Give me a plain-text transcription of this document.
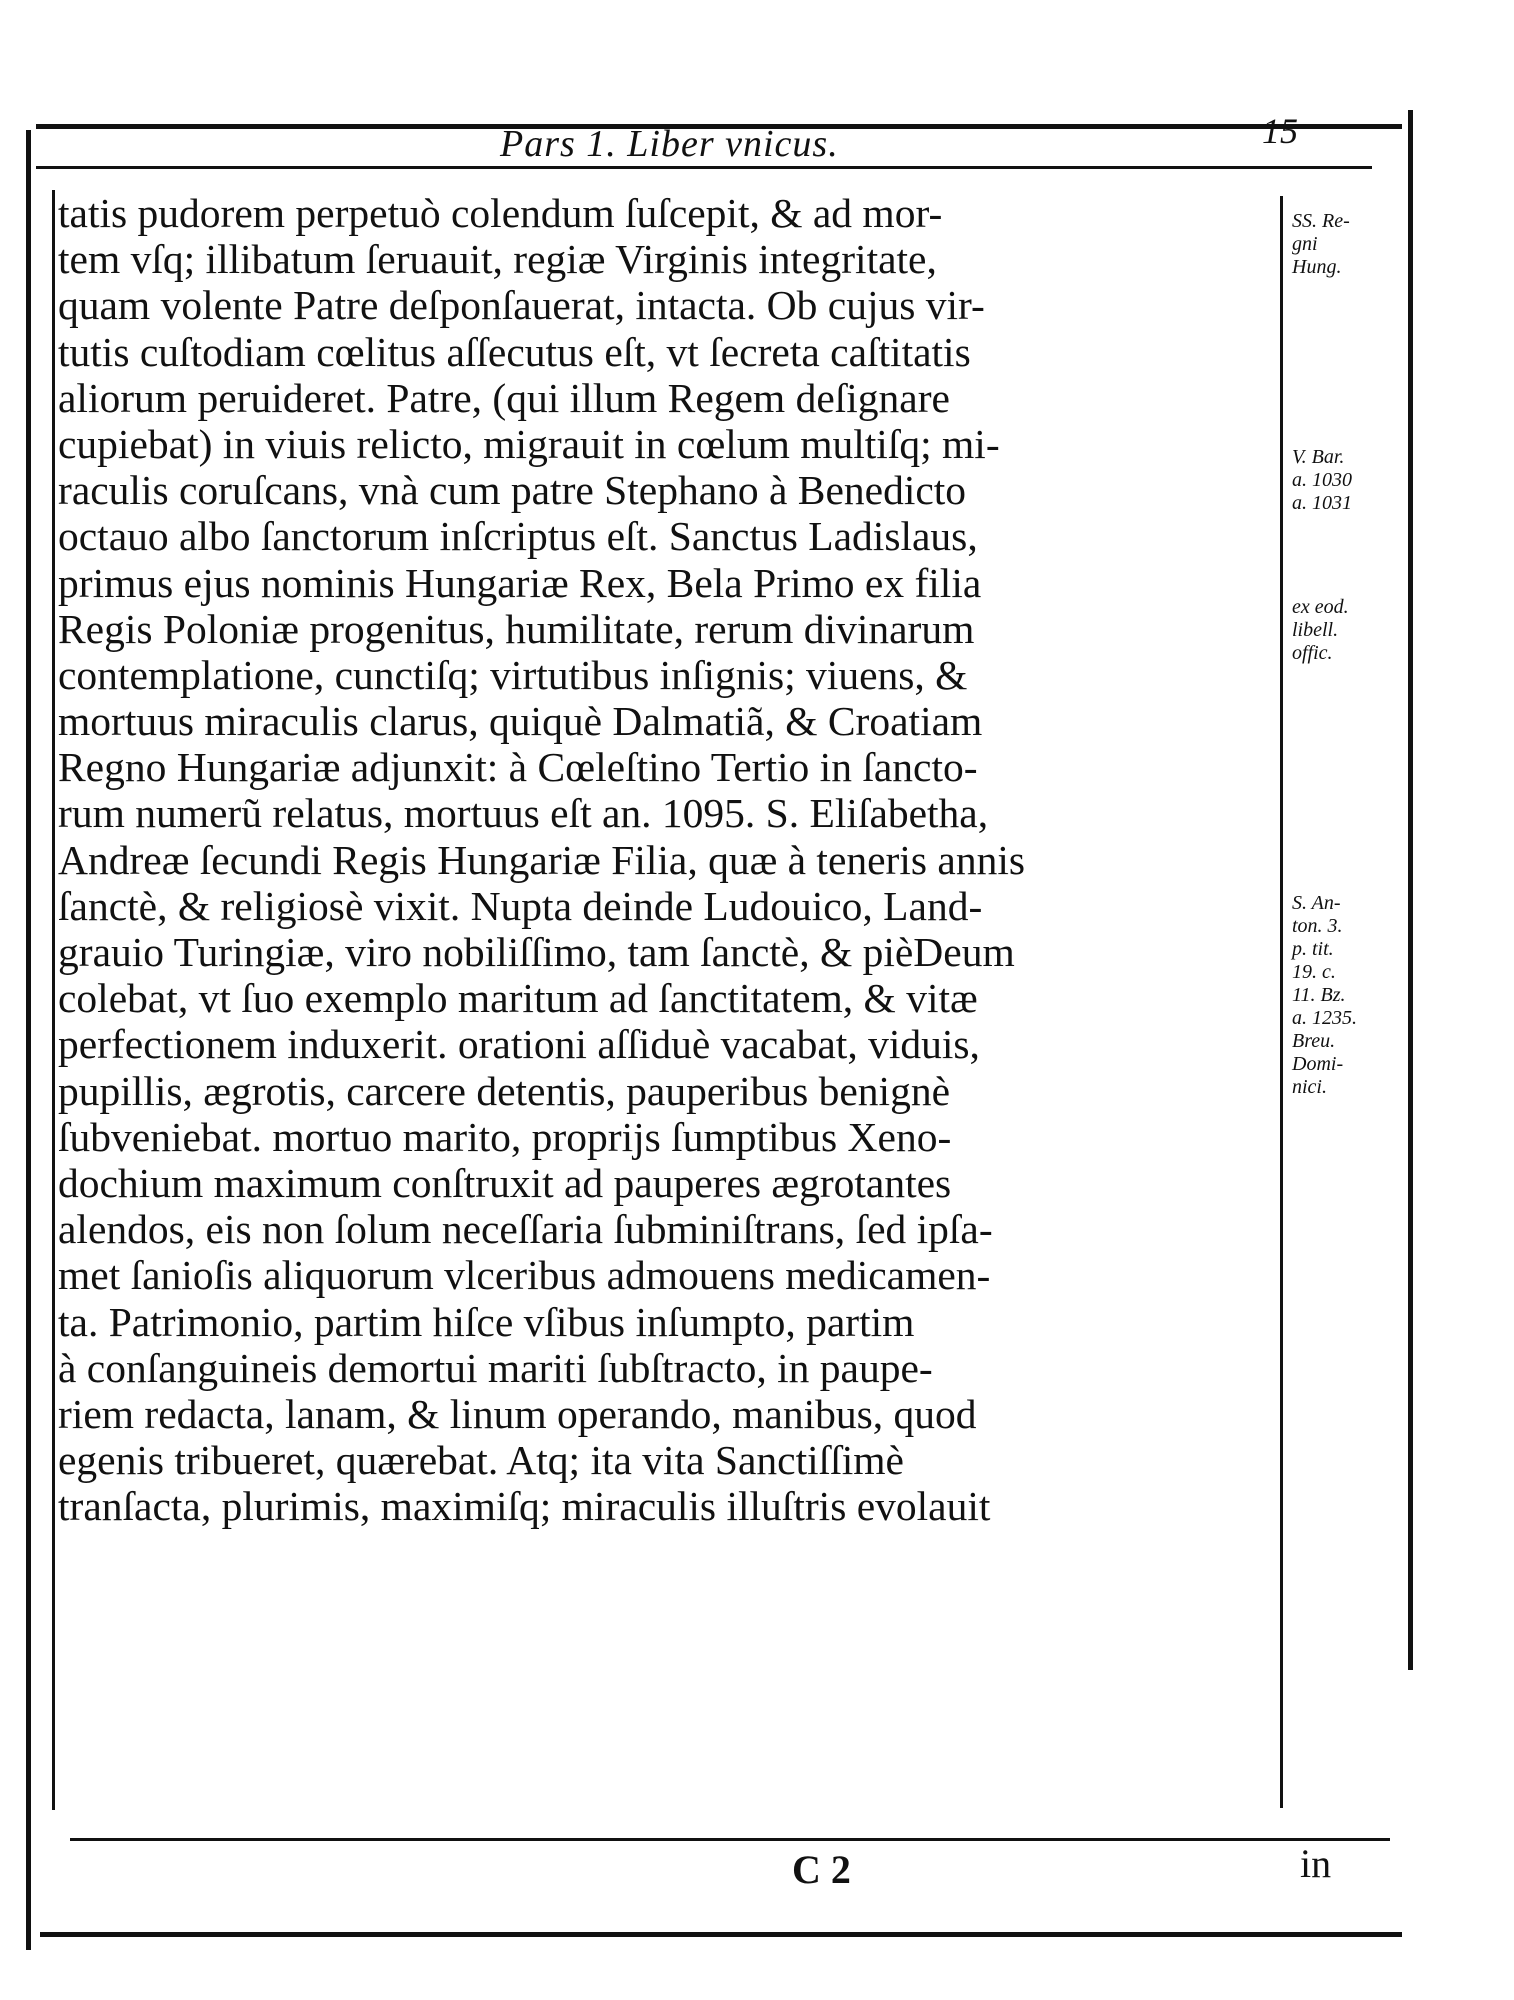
Pars 1. Liber vnicus.	15
tatis pudorem perpetuò colendum ſuſcepit, & ad mor-
tem vſq; illibatum ſeruauit, regiæ Virginis integritate,
quam volente Patre deſponſauerat, intacta. Ob cujus vir-
tutis cuſtodiam cœlitus aſſecutus eſt, vt ſecreta caſtitatis
aliorum peruideret. Patre, (qui illum Regem deſignare
cupiebat) in viuis relicto, migrauit in cœlum multiſq; mi-
raculis coruſcans, vnà cum patre Stephano à Benedicto
octauo albo ſanctorum inſcriptus eſt. Sanctus Ladislaus,
primus ejus nominis Hungariæ Rex, Bela Primo ex filia
Regis Poloniæ progenitus, humilitate, rerum divinarum
contemplatione, cunctiſq; virtutibus inſignis; viuens, &
mortuus miraculis clarus, quiquè Dalmatiã, & Croatiam
Regno Hungariæ adjunxit: à Cœleſtino Tertio in ſancto-
rum numerũ relatus, mortuus eſt an. 1095. S. Eliſabetha,
Andreæ ſecundi Regis Hungariæ Filia, quæ à teneris annis
ſanctè, & religiosè vixit. Nupta deinde Ludouico, Land-
grauio Turingiæ, viro nobiliſſimo, tam ſanctè, & pièDeum
colebat, vt ſuo exemplo maritum ad ſanctitatem, & vitæ
perfectionem induxerit. orationi aſſiduè vacabat, viduis,
pupillis, ægrotis, carcere detentis, pauperibus benignè
ſubveniebat. mortuo marito, proprijs ſumptibus Xeno-
dochium maximum conſtruxit ad pauperes ægrotantes
alendos, eis non ſolum neceſſaria ſubminiſtrans, ſed ipſa-
met ſanioſis aliquorum vlceribus admouens medicamen-
ta. Patrimonio, partim hiſce vſibus inſumpto, partim
à conſanguineis demortui mariti ſubſtracto, in paupe-
riem redacta, lanam, & linum operando, manibus, quod
egenis tribueret, quærebat. Atq; ita vita Sanctiſſimè
tranſacta, plurimis, maximiſq; miraculis illuſtris evolauit
SS. Re-
gni
Hung.
V. Bar.
a. 1030
a. 1031
ex eod.
libell.
offic.
S. An-
ton. 3.
p. tit.
19. c.
11. Bz.
a. 1235.
Breu.
Domi-
nici.
C 2	in
